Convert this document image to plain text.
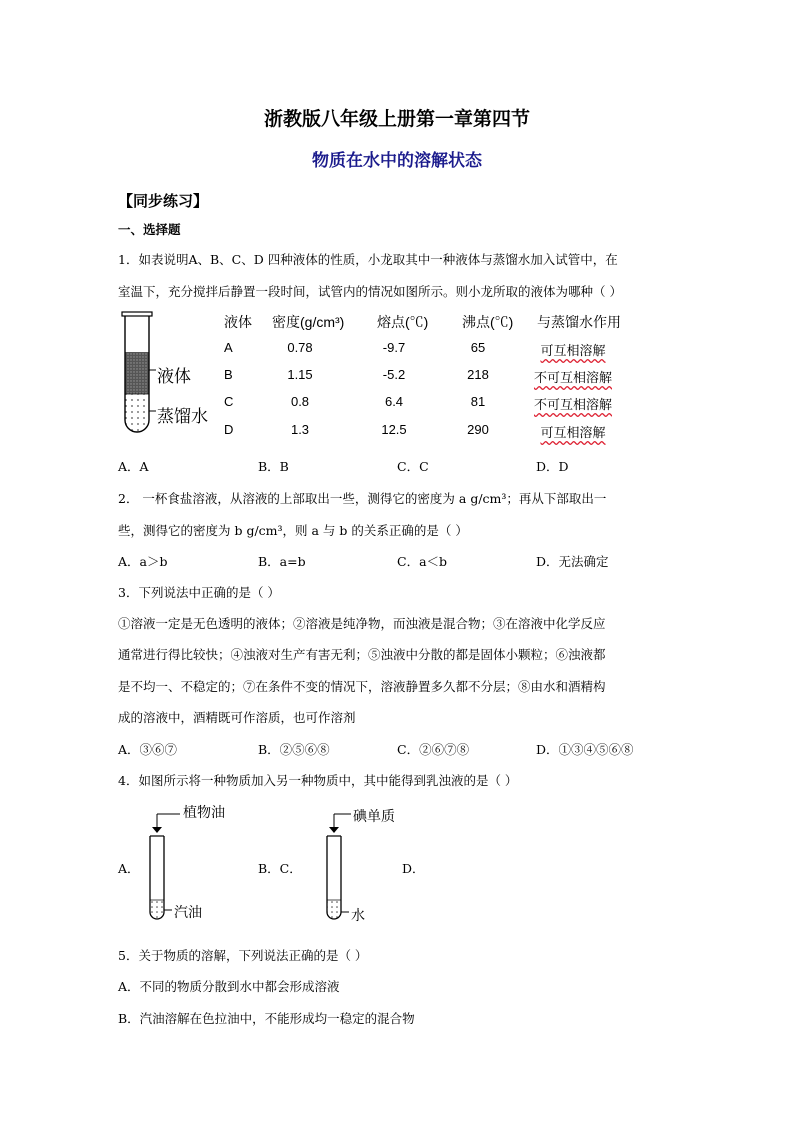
浙教版八年级上册第一章第四节
物质在水中的溶解状态
【同步练习】
一、选择题
1．如表说明A、B、C、D 四种液体的性质，小龙取其中一种液体与蒸馏水加入试管中，在
室温下，充分搅拌后静置一段时间，试管内的情况如图所示。则小龙所取的液体为哪种（ ）
液体
蒸馏水
液体 密度(g/cm³) 熔点(℃) 沸点(℃) 与蒸馏水作用
A	0.78	-9.7	65	可互相溶解
B	1.15	-5.2	218	不可互相溶解
C	0.8	6.4	81	不可互相溶解
D	1.3	12.5	290	可互相溶解
A．A	B．B	C．C	D．D
2． 一杯食盐溶液，从溶液的上部取出一些，测得它的密度为 a g/cm³；再从下部取出一
些，测得它的密度为 b g/cm³，则 a 与 b 的关系正确的是（ ）
A．a＞b	B．a=b	C．a＜b	D．无法确定
3．下列说法中正确的是（ ）
①溶液一定是无色透明的液体；②溶液是纯净物，而浊液是混合物；③在溶液中化学反应
通常进行得比较快；④浊液对生产有害无利；⑤浊液中分散的都是固体小颗粒；⑥浊液都
是不均一、不稳定的；⑦在条件不变的情况下，溶液静置多久都不分层；⑧由水和酒精构
成的溶液中，酒精既可作溶质，也可作溶剂
A．③⑥⑦	B．②⑤⑥⑧	C．②⑥⑦⑧	D．①③④⑤⑥⑧
4．如图所示将一种物质加入另一种物质中，其中能得到乳浊液的是（ ）
植物油
汽油
碘单质
水
A．	B．C．	D．
5．关于物质的溶解，下列说法正确的是（ ）
A．不同的物质分散到水中都会形成溶液
B．汽油溶解在色拉油中，不能形成均一稳定的混合物
